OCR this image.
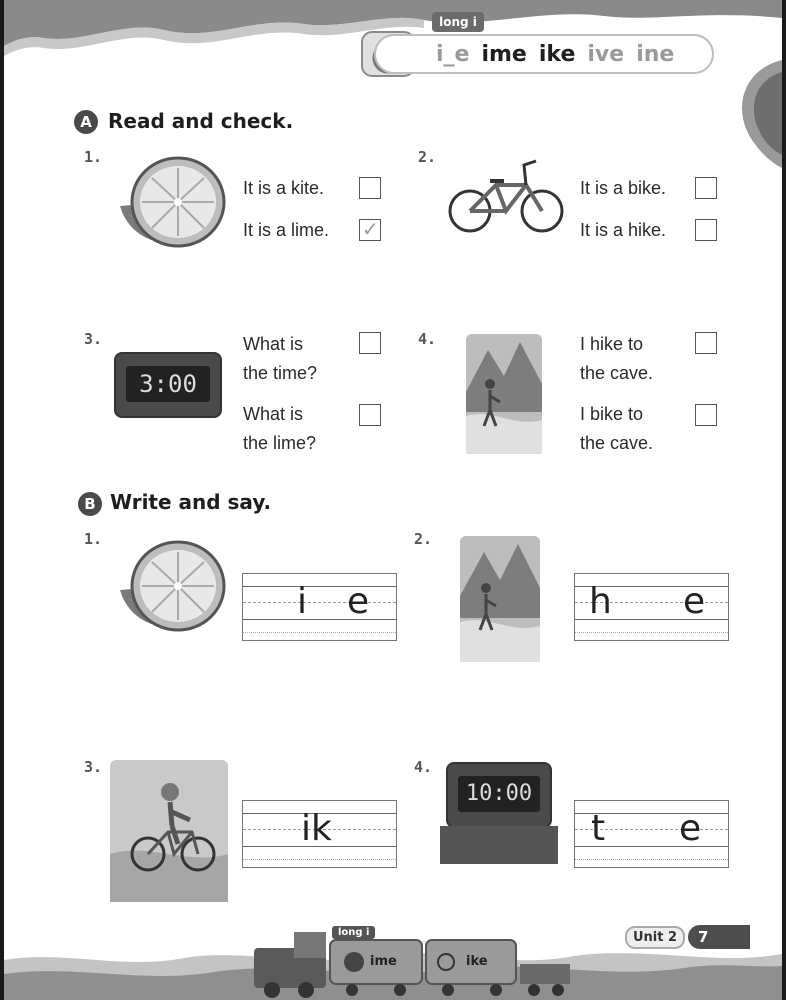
long i
i_e ime ike ive ine
A Read and check.
1.
It is a kite.
It is a lime. ✓
2.
It is a bike.
It is a hike.
3.
3:00
What is
the time?
What is
the lime?
4.	I hike to
the cave.
I bike to
the cave.
B Write and say.
1.
i e
2.
h e
3.
ik
4.
10:00
t e
long i
ime	ike
Unit 2	7
